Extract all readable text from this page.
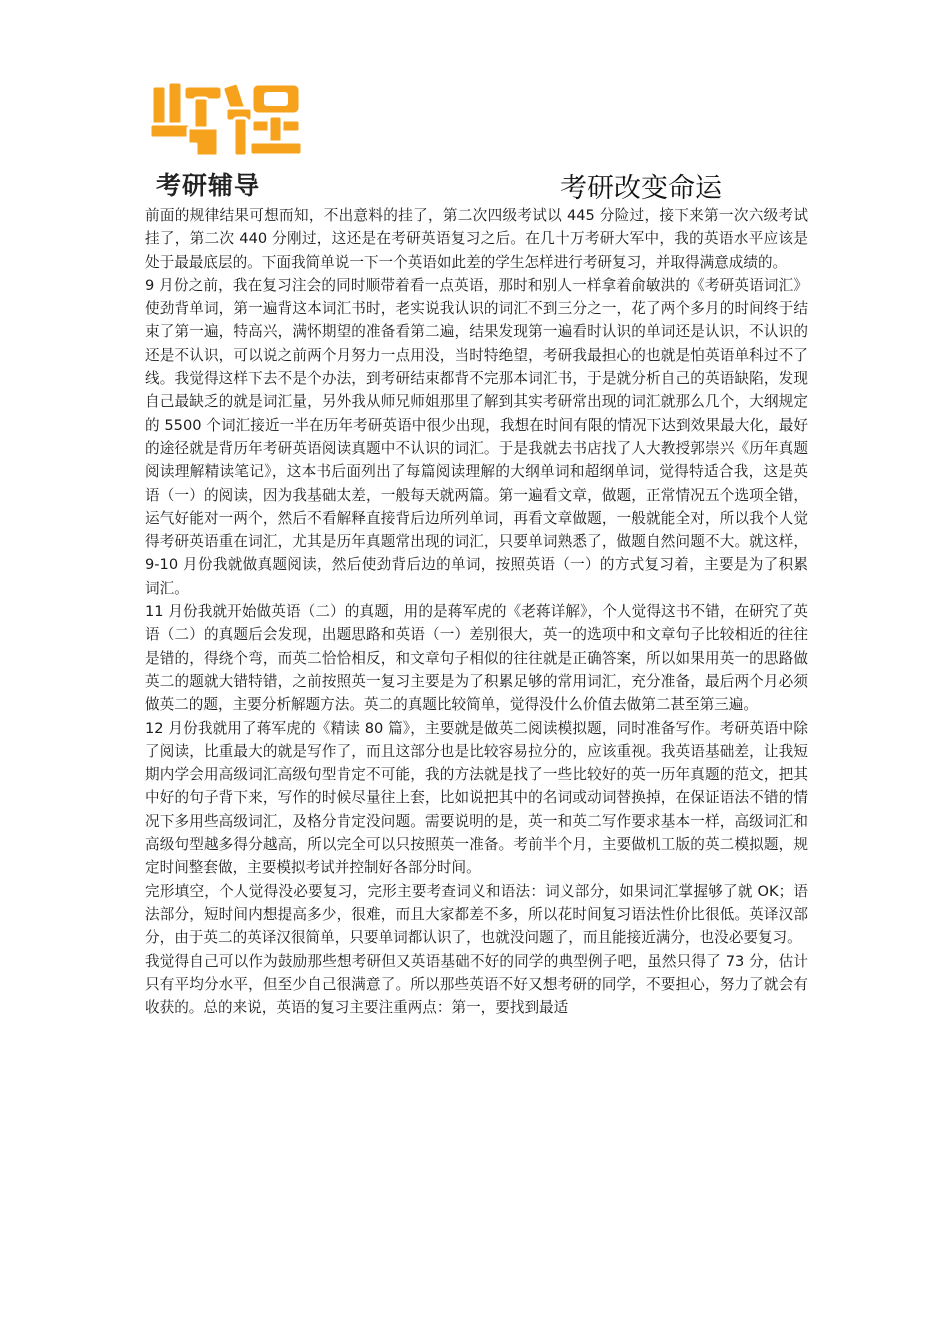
考研辅导	考研改变命运

前面的规律结果可想而知，不出意料的挂了，第二次四级考试以 445 分险过，接下来第一次六级考试挂了，第二次 440 分刚过，这还是在考研英语复习之后。在几十万考研大军中，我的英语水平应该是处于最最底层的。下面我简单说一下一个英语如此差的学生怎样进行考研复习，并取得满意成绩的。

9 月份之前，我在复习注会的同时顺带着看一点英语，那时和别人一样拿着俞敏洪的《考研英语词汇》使劲背单词，第一遍背这本词汇书时，老实说我认识的词汇不到三分之一，花了两个多月的时间终于结束了第一遍，特高兴，满怀期望的准备看第二遍，结果发现第一遍看时认识的单词还是认识，不认识的还是不认识，可以说之前两个月努力一点用没，当时特绝望，考研我最担心的也就是怕英语单科过不了线。我觉得这样下去不是个办法，到考研结束都背不完那本词汇书，于是就分析自己的英语缺陷，发现自己最缺乏的就是词汇量，另外我从师兄师姐那里了解到其实考研常出现的词汇就那么几个，大纲规定的 5500 个词汇接近一半在历年考研英语中很少出现，我想在时间有限的情况下达到效果最大化，最好的途径就是背历年考研英语阅读真题中不认识的词汇。于是我就去书店找了人大教授郭崇兴《历年真题阅读理解精读笔记》，这本书后面列出了每篇阅读理解的大纲单词和超纲单词，觉得特适合我，这是英语（一）的阅读，因为我基础太差，一般每天就两篇。第一遍看文章，做题，正常情况五个选项全错，运气好能对一两个，然后不看解释直接背后边所列单词，再看文章做题，一般就能全对，所以我个人觉得考研英语重在词汇，尤其是历年真题常出现的词汇，只要单词熟悉了，做题自然问题不大。就这样，9-10 月份我就做真题阅读，然后使劲背后边的单词，按照英语（一）的方式复习着，主要是为了积累词汇。

11 月份我就开始做英语（二）的真题，用的是蒋军虎的《老蒋详解》，个人觉得这书不错，在研究了英语（二）的真题后会发现，出题思路和英语（一）差别很大，英一的选项中和文章句子比较相近的往往是错的，得绕个弯，而英二恰恰相反，和文章句子相似的往往就是正确答案，所以如果用英一的思路做英二的题就大错特错，之前按照英一复习主要是为了积累足够的常用词汇，充分准备，最后两个月必须做英二的题，主要分析解题方法。英二的真题比较简单，觉得没什么价值去做第二甚至第三遍。

12 月份我就用了蒋军虎的《精读 80 篇》，主要就是做英二阅读模拟题，同时准备写作。考研英语中除了阅读，比重最大的就是写作了，而且这部分也是比较容易拉分的，应该重视。我英语基础差，让我短期内学会用高级词汇高级句型肯定不可能，我的方法就是找了一些比较好的英一历年真题的范文，把其中好的句子背下来，写作的时候尽量往上套，比如说把其中的名词或动词替换掉，在保证语法不错的情况下多用些高级词汇，及格分肯定没问题。需要说明的是，英一和英二写作要求基本一样，高级词汇和高级句型越多得分越高，所以完全可以只按照英一准备。考前半个月，主要做机工版的英二模拟题，规定时间整套做，主要模拟考试并控制好各部分时间。

完形填空，个人觉得没必要复习，完形主要考查词义和语法：词义部分，如果词汇掌握够了就 OK；语法部分，短时间内想提高多少，很难，而且大家都差不多，所以花时间复习语法性价比很低。英译汉部分，由于英二的英译汉很简单，只要单词都认识了，也就没问题了，而且能接近满分，也没必要复习。

我觉得自己可以作为鼓励那些想考研但又英语基础不好的同学的典型例子吧，虽然只得了 73 分，估计只有平均分水平，但至少自己很满意了。所以那些英语不好又想考研的同学，不要担心，努力了就会有收获的。总的来说，英语的复习主要注重两点：第一，要找到最适
